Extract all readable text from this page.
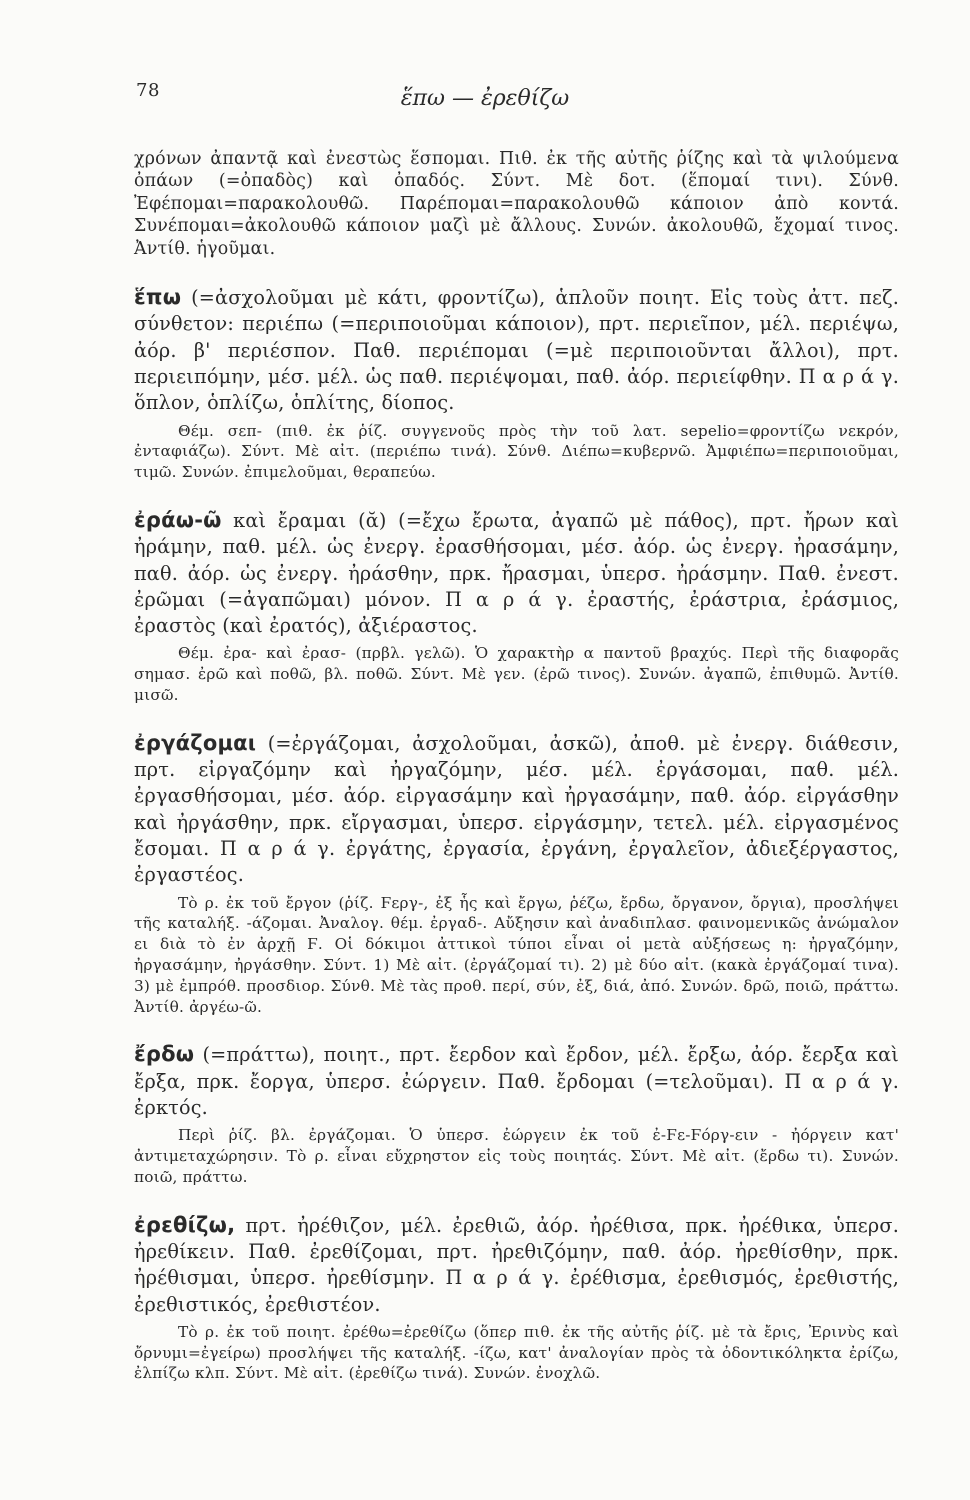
78	ἕπω — ἐρεθίζω

χρόνων ἀπαντᾷ καὶ ἐνεστὼς ἕσπομαι. Πιθ. ἐκ τῆς αὐτῆς ῥίζης καὶ τὰ ψιλούμενα ὀπάων (=ὀπαδὸς) καὶ ὀπαδός. Σύντ. Μὲ δοτ. (ἕπομαί τινι). Σύνθ. Ἐφέπομαι=παρακολουθῶ. Παρέπομαι=παρακολουθῶ κάποιον ἀπὸ κοντά. Συνέπομαι=ἀκολουθῶ κάποιον μαζὶ μὲ ἄλλους. Συνών. ἀκολουθῶ, ἔχομαί τινος. Ἀντίθ. ἡγοῦμαι.

ἕπω (=ἀσχολοῦμαι μὲ κάτι, φροντίζω), ἁπλοῦν ποιητ. Εἰς τοὺς ἀττ. πεζ. σύνθετον: περιέπω (=περιποιοῦμαι κάποιον), πρτ. περιεῖπον, μέλ. περιέψω, ἀόρ. β' περιέσπον. Παθ. περιέπομαι (=μὲ περιποιοῦνται ἄλλοι), πρτ. περιειπόμην, μέσ. μέλ. ὡς παθ. περιέψομαι, παθ. ἀόρ. περιείφθην. Π α ρ ά γ. ὅπλον, ὁπλίζω, ὁπλίτης, δίοπος.

Θέμ. σεπ- (πιθ. ἐκ ῥίζ. συγγενοῦς πρὸς τὴν τοῦ λατ. sepelio=φροντίζω νεκρόν, ἐνταφιάζω). Σύντ. Μὲ αἰτ. (περιέπω τινά). Σύνθ. Διέπω=κυβερνῶ. Ἀμφιέπω=περιποιοῦμαι, τιμῶ. Συνών. ἐπιμελοῦμαι, θεραπεύω.

ἐράω-ῶ καὶ ἔραμαι (ᾰ) (=ἔχω ἔρωτα, ἀγαπῶ μὲ πάθος), πρτ. ἤρων καὶ ἠράμην, παθ. μέλ. ὡς ἐνεργ. ἐρασθήσομαι, μέσ. ἀόρ. ὡς ἐνεργ. ἠρασάμην, παθ. ἀόρ. ὡς ἐνεργ. ἠράσθην, πρκ. ἤρασμαι, ὑπερσ. ἠράσμην. Παθ. ἐνεστ. ἐρῶμαι (=ἀγαπῶμαι) μόνον. Π α ρ ά γ. ἐραστής, ἐράστρια, ἐράσμιος, ἐραστὸς (καὶ ἐρατός), ἀξιέραστος.

Θέμ. ἐρα- καὶ ἐρασ- (πρβλ. γελῶ). Ὁ χαρακτὴρ α παντοῦ βραχύς. Περὶ τῆς διαφορᾶς σημασ. ἐρῶ καὶ ποθῶ, βλ. ποθῶ. Σύντ. Μὲ γεν. (ἐρῶ τινος). Συνών. ἀγαπῶ, ἐπιθυμῶ. Ἀντίθ. μισῶ.

ἐργάζομαι (=ἐργάζομαι, ἀσχολοῦμαι, ἀσκῶ), ἀποθ. μὲ ἐνεργ. διάθεσιν, πρτ. εἰργαζόμην καὶ ἠργαζόμην, μέσ. μέλ. ἐργάσομαι, παθ. μέλ. ἐργασθήσομαι, μέσ. ἀόρ. εἰργασάμην καὶ ἠργασάμην, παθ. ἀόρ. εἰργάσθην καὶ ἠργάσθην, πρκ. εἴργασμαι, ὑπερσ. εἰργάσμην, τετελ. μέλ. εἰργασμένος ἔσομαι. Π α ρ ά γ. ἐργάτης, ἐργασία, ἐργάνη, ἐργαλεῖον, ἀδιεξέργαστος, ἐργαστέος.

Τὸ ρ. ἐκ τοῦ ἔργον (ῥίζ. Ϝεργ-, ἐξ ἧς καὶ ἔργω, ῥέζω, ἔρδω, ὄργανον, ὄργια), προσλήψει τῆς καταλήξ. -άζομαι. Ἀναλογ. θέμ. ἐργαδ-. Αὔξησιν καὶ ἀναδιπλασ. φαινομενικῶς ἀνώμαλον ει διὰ τὸ ἐν ἀρχῇ Ϝ. Οἱ δόκιμοι ἀττικοὶ τύποι εἶναι οἱ μετὰ αὐξήσεως η: ἠργαζόμην, ἠργασάμην, ἠργάσθην. Σύντ. 1) Μὲ αἰτ. (ἐργάζομαί τι). 2) μὲ δύο αἰτ. (κακὰ ἐργάζομαί τινα). 3) μὲ ἐμπρόθ. προσδιορ. Σύνθ. Μὲ τὰς προθ. περί, σύν, ἐξ, διά, ἀπό. Συνών. δρῶ, ποιῶ, πράττω. Ἀντίθ. ἀργέω-ῶ.

ἔρδω (=πράττω), ποιητ., πρτ. ἔερδον καὶ ἔρδον, μέλ. ἔρξω, ἀόρ. ἔερξα καὶ ἔρξα, πρκ. ἔοργα, ὑπερσ. ἐώργειν. Παθ. ἔρδομαι (=τελοῦμαι). Π α ρ ά γ. ἐρκτός.

Περὶ ῥίζ. βλ. ἐργάζομαι. Ὁ ὑπερσ. ἐώργειν ἐκ τοῦ ἐ-Ϝε-Ϝόργ-ειν - ἠόργειν κατ' ἀντιμεταχώρησιν. Τὸ ρ. εἶναι εὔχρηστον εἰς τοὺς ποιητάς. Σύντ. Μὲ αἰτ. (ἔρδω τι). Συνών. ποιῶ, πράττω.

ἐρεθίζω, πρτ. ἠρέθιζον, μέλ. ἐρεθιῶ, ἀόρ. ἠρέθισα, πρκ. ἠρέθικα, ὑπερσ. ἠρεθίκειν. Παθ. ἐρεθίζομαι, πρτ. ἠρεθιζόμην, παθ. ἀόρ. ἠρεθίσθην, πρκ. ἠρέθισμαι, ὑπερσ. ἠρεθίσμην. Π α ρ ά γ. ἐρέθισμα, ἐρεθισμός, ἐρεθιστής, ἐρεθιστικός, ἐρεθιστέον.

Τὸ ρ. ἐκ τοῦ ποιητ. ἐρέθω=ἐρεθίζω (ὅπερ πιθ. ἐκ τῆς αὐτῆς ῥίζ. μὲ τὰ ἔρις, Ἐρινὺς καὶ ὄρνυμι=ἐγείρω) προσλήψει τῆς καταλήξ. -ίζω, κατ' ἀναλογίαν πρὸς τὰ ὀδοντικόληκτα ἐρίζω, ἐλπίζω κλπ. Σύντ. Μὲ αἰτ. (ἐρεθίζω τινά). Συνών. ἐνοχλῶ.
